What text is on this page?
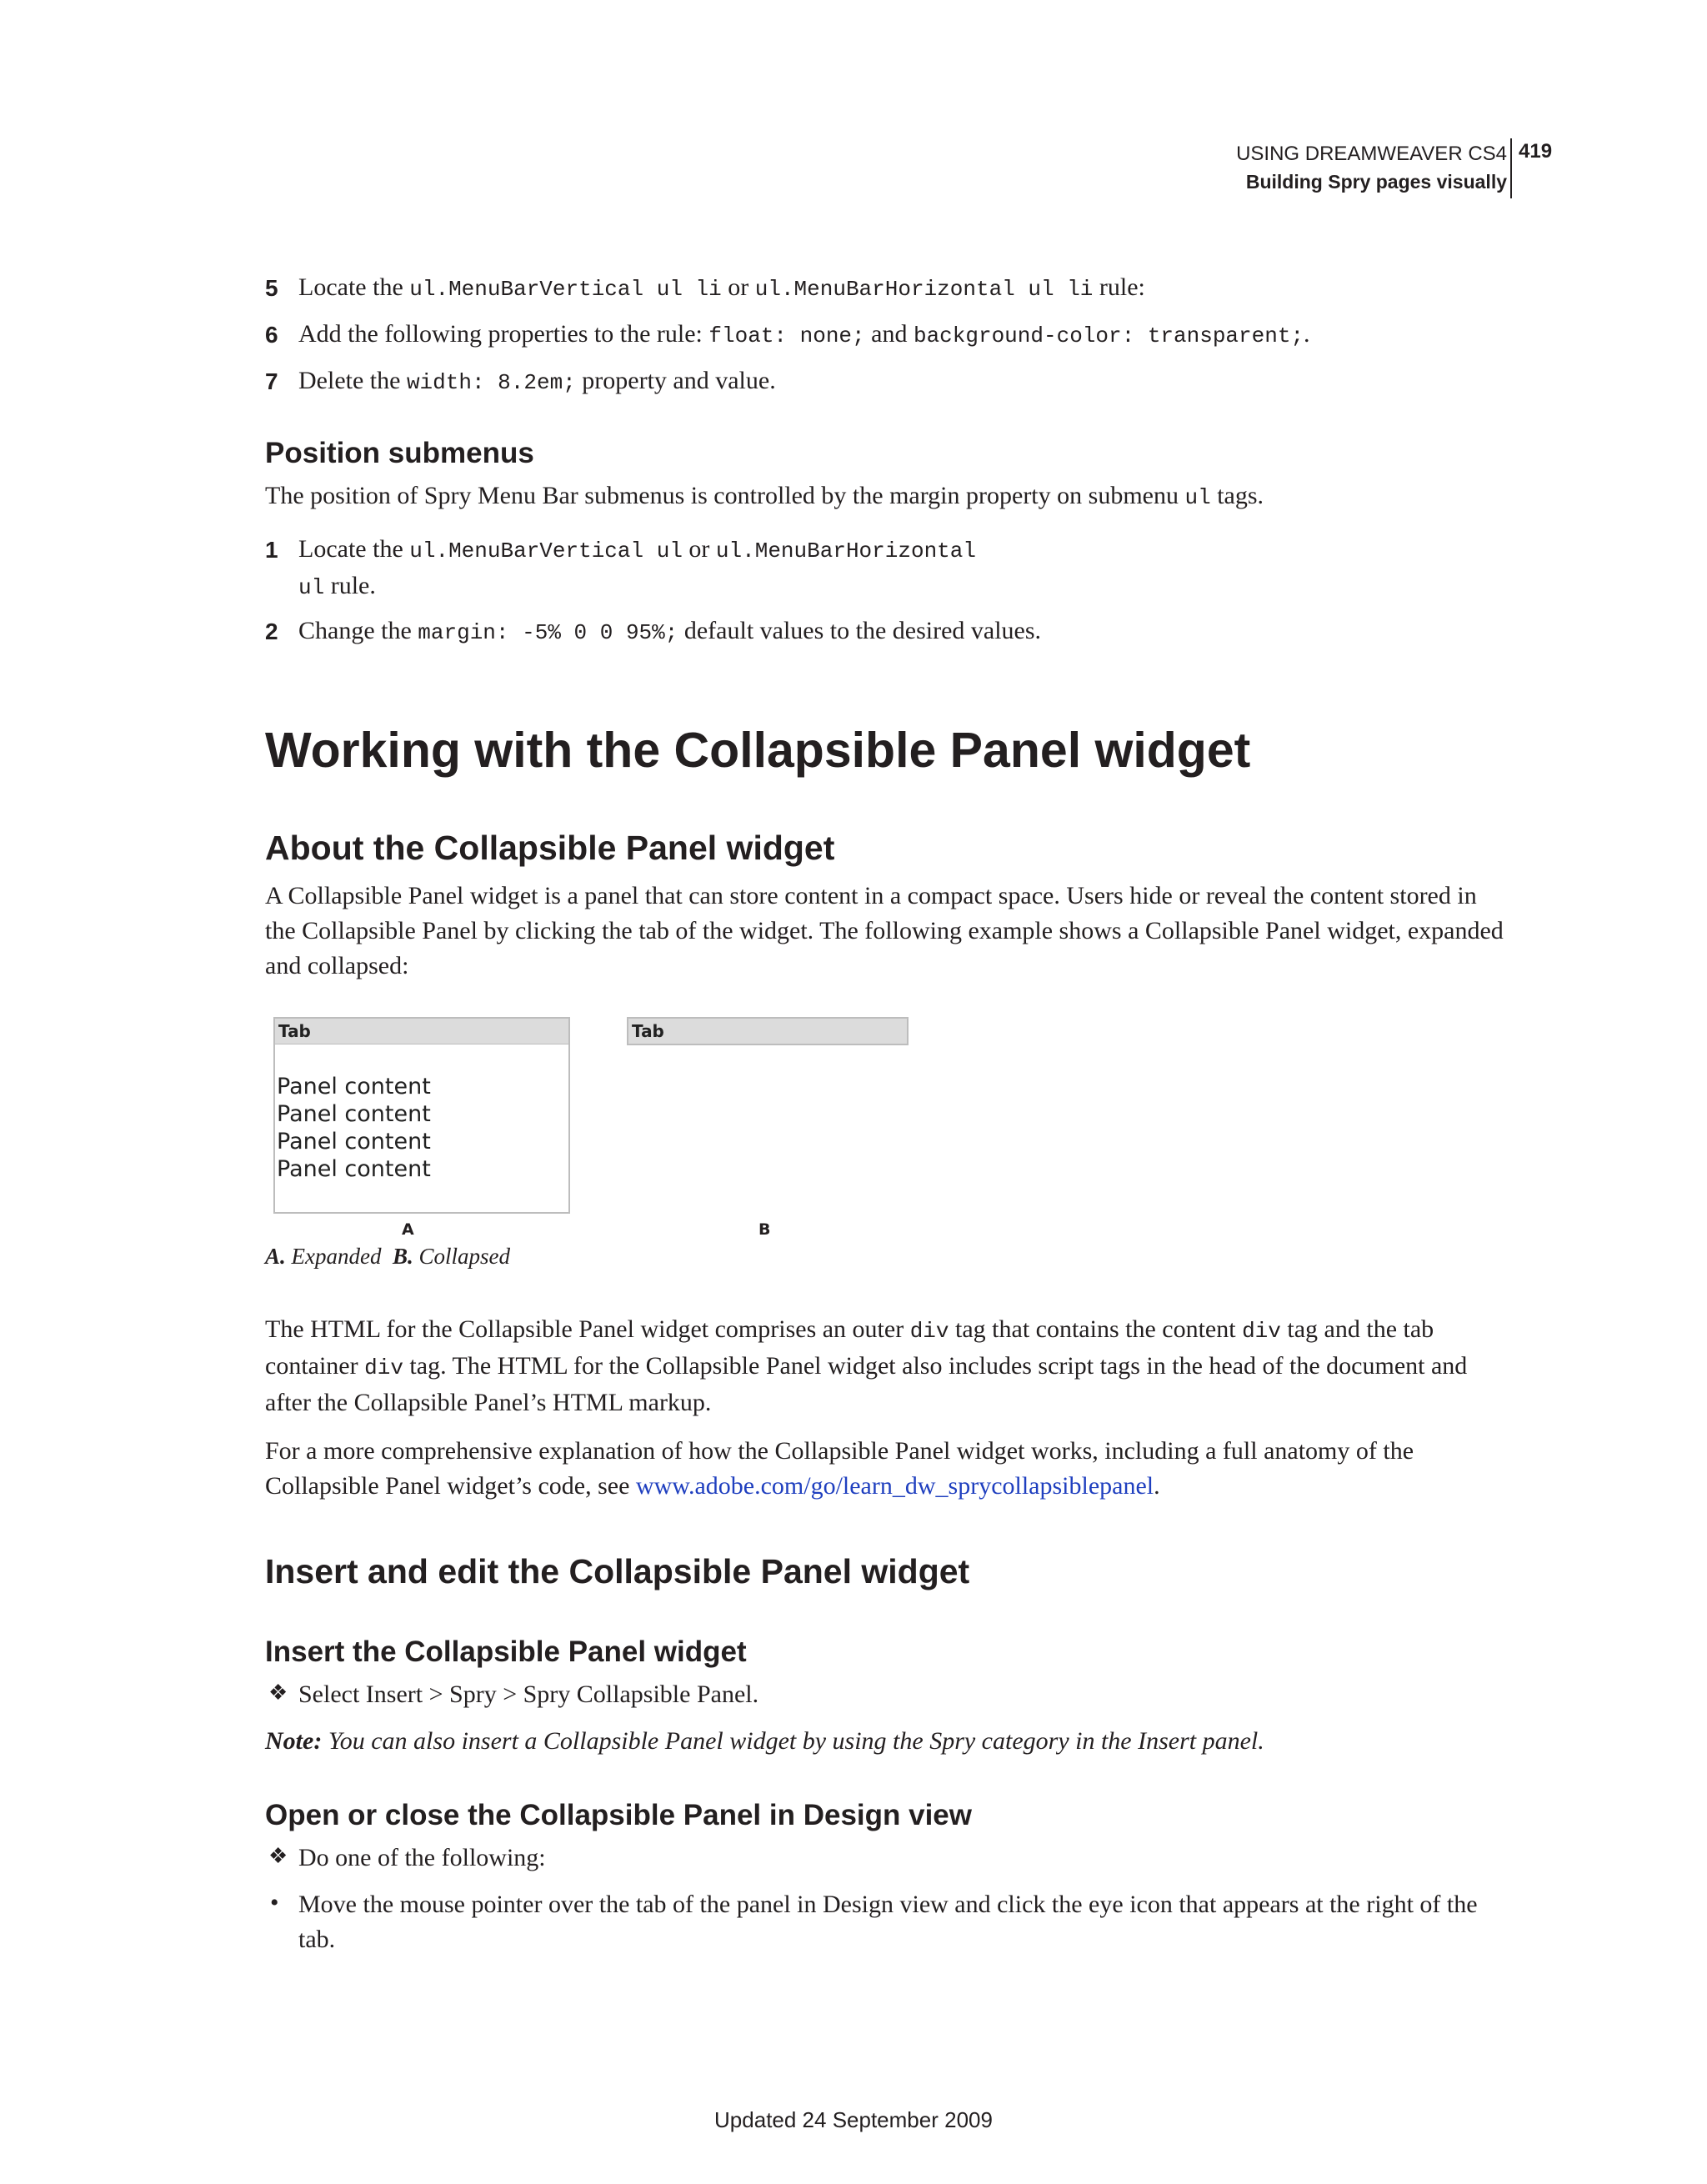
USING DREAMWEAVER CS4
Building Spry pages visually
419
5 Locate the ul.MenuBarVertical ul li or ul.MenuBarHorizontal ul li rule:
6 Add the following properties to the rule: float: none; and background-color: transparent;.
7 Delete the width: 8.2em; property and value.
Position submenus
The position of Spry Menu Bar submenus is controlled by the margin property on submenu ul tags.
1 Locate the ul.MenuBarVertical ul or ul.MenuBarHorizontal
ul rule.
2 Change the margin: -5% 0 0 95%; default values to the desired values.
Working with the Collapsible Panel widget
About the Collapsible Panel widget
A Collapsible Panel widget is a panel that can store content in a compact space. Users hide or reveal the content stored in the Collapsible Panel by clicking the tab of the widget. The following example shows a Collapsible Panel widget, expanded and collapsed:
Tab
Panel content
Panel content
Panel content
Panel content
Tab
A	B
A. Expanded B. Collapsed
The HTML for the Collapsible Panel widget comprises an outer div tag that contains the content div tag and the tab container div tag. The HTML for the Collapsible Panel widget also includes script tags in the head of the document and after the Collapsible Panel’s HTML markup.
For a more comprehensive explanation of how the Collapsible Panel widget works, including a full anatomy of the Collapsible Panel widget’s code, see www.adobe.com/go/learn_dw_sprycollapsiblepanel.
Insert and edit the Collapsible Panel widget
Insert the Collapsible Panel widget
❖ Select Insert > Spry > Spry Collapsible Panel.
Note: You can also insert a Collapsible Panel widget by using the Spry category in the Insert panel.
Open or close the Collapsible Panel in Design view
❖ Do one of the following:
• Move the mouse pointer over the tab of the panel in Design view and click the eye icon that appears at the right of the tab.
Updated 24 September 2009
